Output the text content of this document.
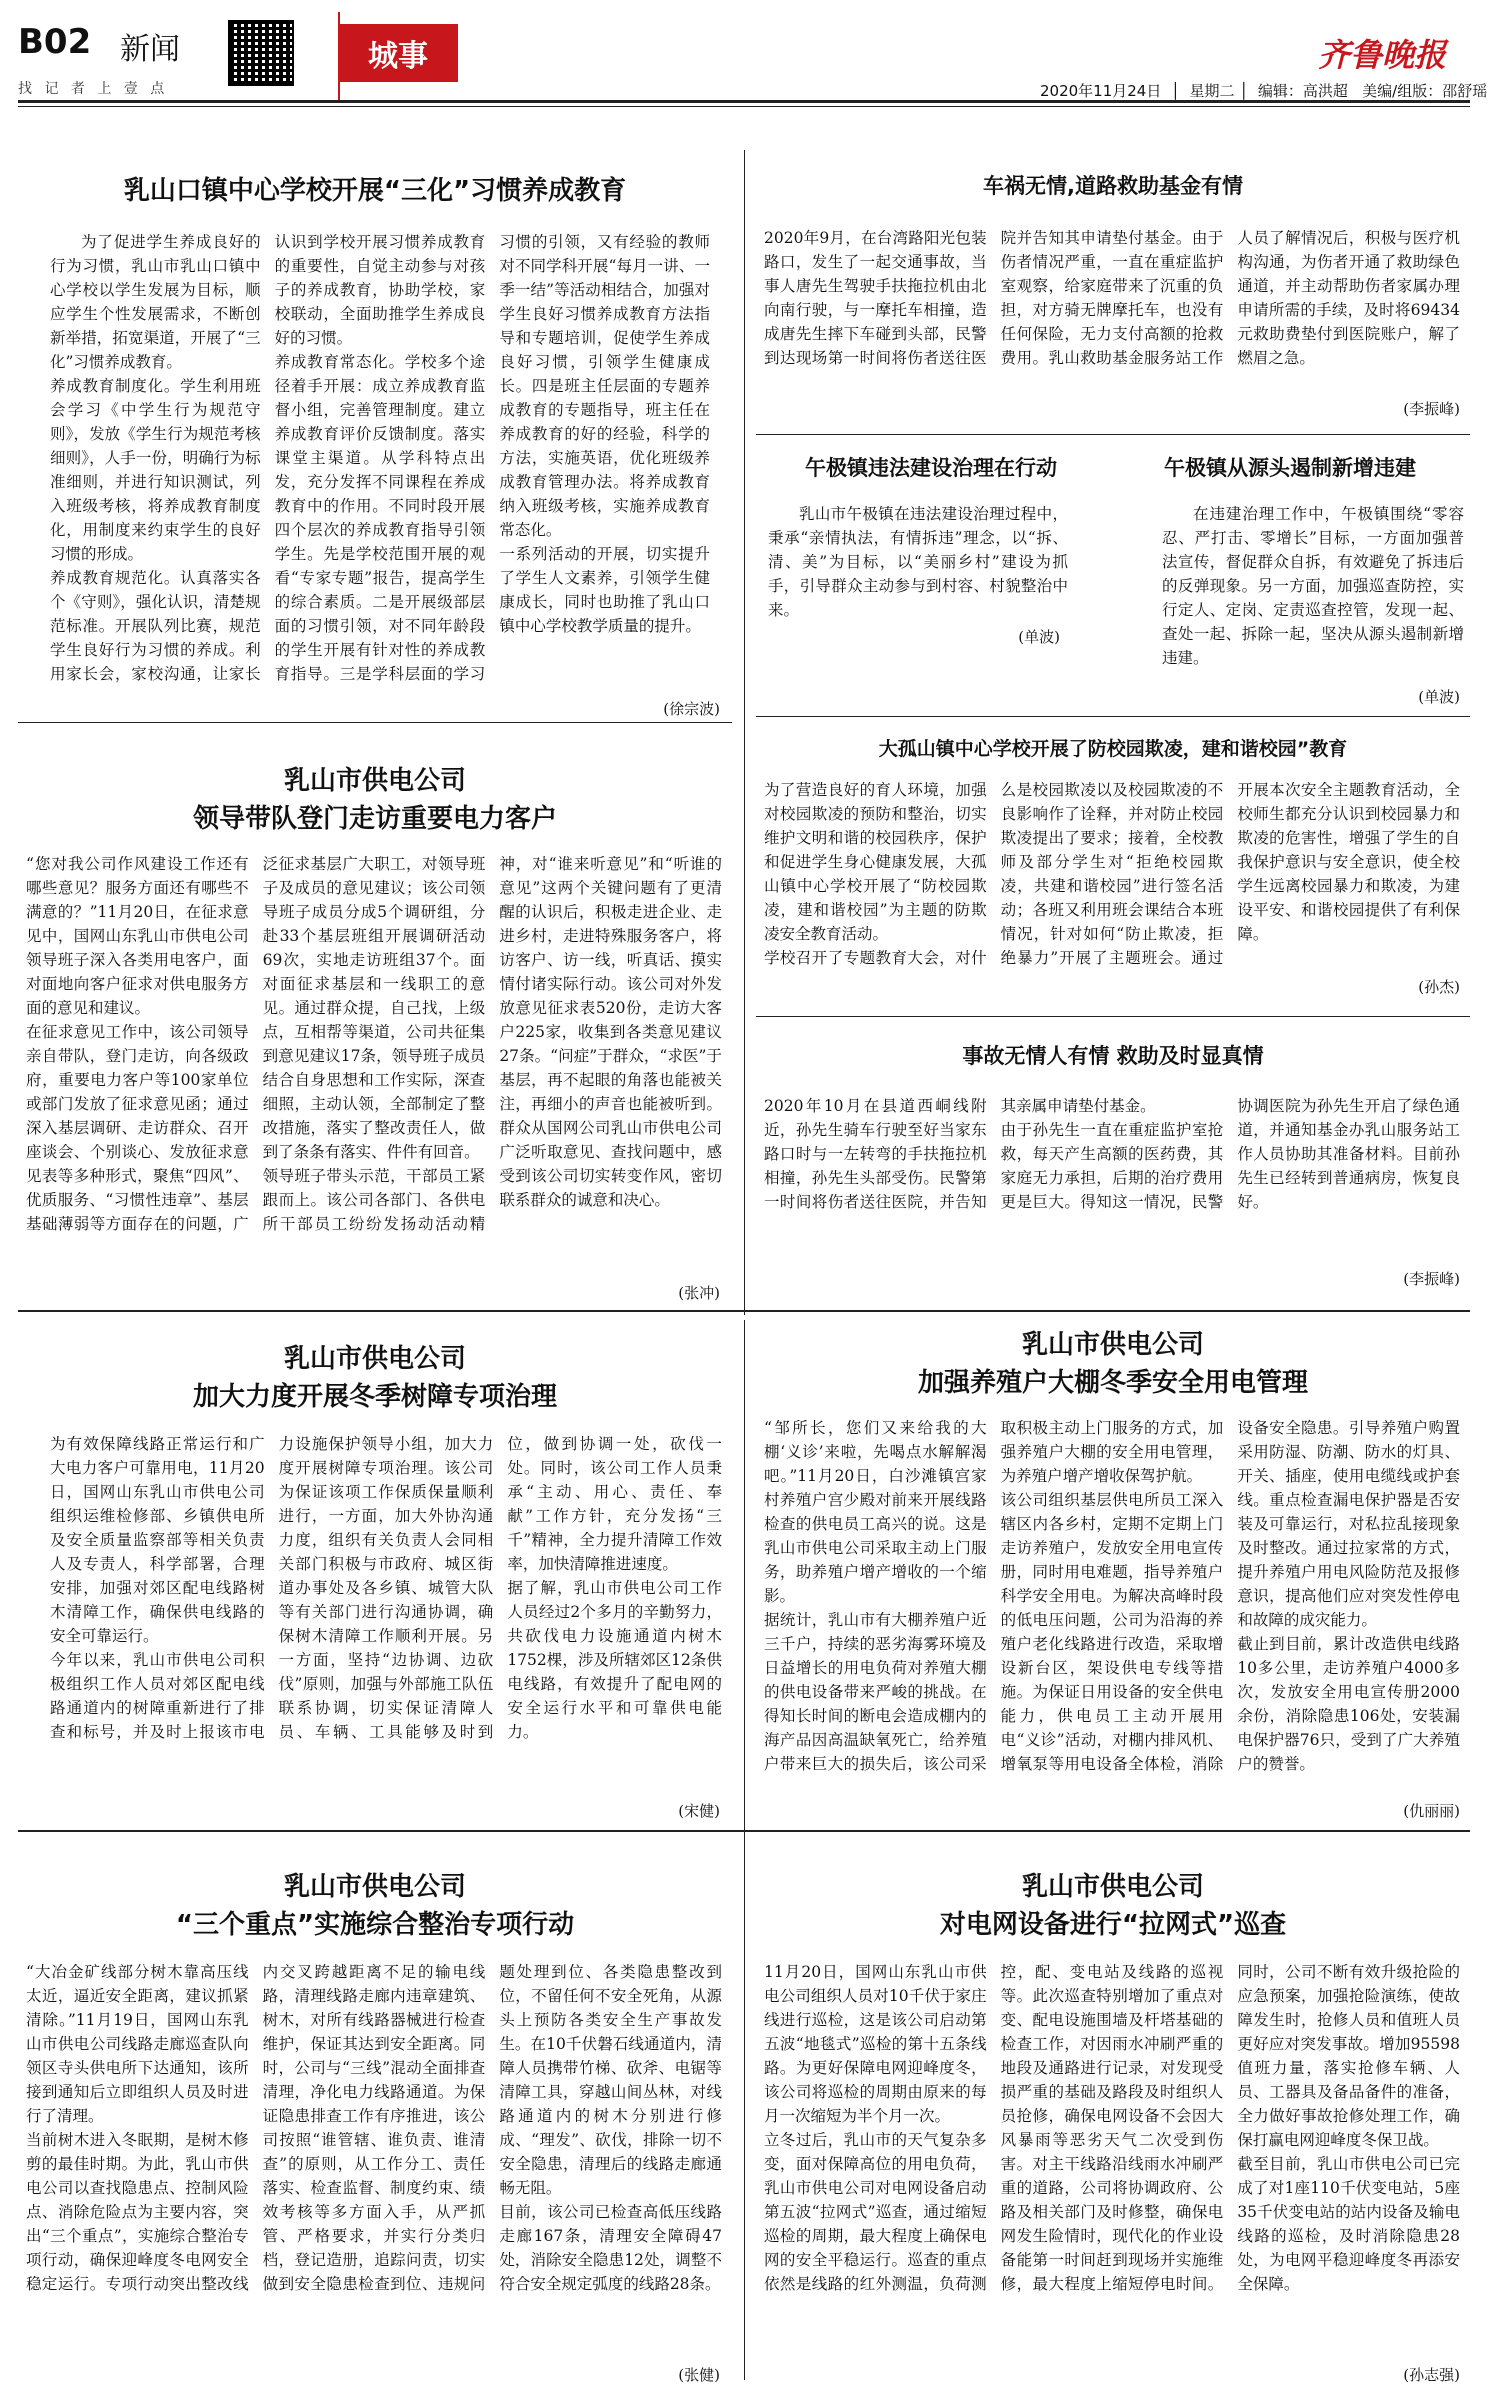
B02 新闻
找 记 者 上 壹 点
城事	齐鲁晚报
2020年11月24日  │  星期二 │  编辑：高洪超 美编/组版：邵舒瑶
乳山口镇中心学校开展“三化”习惯养成教育
为了促进学生养成良好的行为习惯，乳山市乳山口镇中心学校以学生发展为目标，顺应学生个性发展需求，不断创新举措，拓宽渠道，开展了“三化”习惯养成教育。
养成教育制度化。学生利用班会学习《中学生行为规范守则》，发放《学生行为规范考核细则》，人手一份，明确行为标准细则，并进行知识测试，列入班级考核，将养成教育制度化，用制度来约束学生的良好习惯的形成。
养成教育规范化。认真落实各个《守则》，强化认识，清楚规范标准。开展队列比赛，规范学生良好行为习惯的养成。利用家长会，家校沟通，让家长认识到学校开展习惯养成教育的重要性，自觉主动参与对孩子的养成教育，协助学校，家校联动，全面助推学生养成良好的习惯。
养成教育常态化。学校多个途径着手开展：成立养成教育监督小组，完善管理制度。建立养成教育评价反馈制度。落实课堂主渠道。从学科特点出发，充分发挥不同课程在养成教育中的作用。不同时段开展四个层次的养成教育指导引领学生。先是学校范围开展的观看“专家专题”报告，提高学生的综合素质。二是开展级部层面的习惯引领，对不同年龄段的学生开展有针对性的养成教育指导。三是学科层面的学习习惯的引领，又有经验的教师对不同学科开展“每月一讲、一季一结”等活动相结合，加强对学生良好习惯养成教育方法指导和专题培训，促使学生养成良好习惯，引领学生健康成长。四是班主任层面的专题养成教育的专题指导，班主任在养成教育的好的经验，科学的方法，实施英语，优化班级养成教育管理办法。将养成教育纳入班级考核，实施养成教育常态化。
一系列活动的开展，切实提升了学生人文素养，引领学生健康成长，同时也助推了乳山口镇中心学校教学质量的提升。
(徐宗波)
车祸无情,道路救助基金有情
2020年9月，在台湾路阳光包装路口，发生了一起交通事故，当事人唐先生驾驶手扶拖拉机由北向南行驶，与一摩托车相撞，造成唐先生摔下车碰到头部，民警到达现场第一时间将伤者送往医院并告知其申请垫付基金。由于伤者情况严重，一直在重症监护室观察，给家庭带来了沉重的负担，对方骑无牌摩托车，也没有任何保险，无力支付高额的抢救费用。乳山救助基金服务站工作人员了解情况后，积极与医疗机构沟通，为伤者开通了救助绿色通道，并主动帮助伤者家属办理申请所需的手续，及时将69434元救助费垫付到医院账户，解了燃眉之急。
(李振峰)
午极镇违法建设治理在行动
乳山市午极镇在违法建设治理过程中，秉承“亲情执法，有情拆违”理念，以“拆、清、美”为目标，以“美丽乡村”建设为抓手，引导群众主动参与到村容、村貌整治中来。
(单波)
午极镇从源头遏制新增违建
在违建治理工作中，午极镇围绕“零容忍、严打击、零增长”目标，一方面加强普法宣传，督促群众自拆，有效避免了拆违后的反弹现象。另一方面，加强巡查防控，实行定人、定岗、定责巡查控管，发现一起、查处一起、拆除一起，坚决从源头遏制新增违建。
(单波)
大孤山镇中心学校开展了防校园欺凌，建和谐校园”教育
为了营造良好的育人环境，加强对校园欺凌的预防和整治，切实维护文明和谐的校园秩序，保护和促进学生身心健康发展，大孤山镇中心学校开展了“防校园欺凌，建和谐校园”为主题的防欺凌安全教育活动。
学校召开了专题教育大会，对什么是校园欺凌以及校园欺凌的不良影响作了诠释，并对防止校园欺凌提出了要求；接着，全校教师及部分学生对“拒绝校园欺凌，共建和谐校园”进行签名活动；各班又利用班会课结合本班情况，针对如何“防止欺凌，拒绝暴力”开展了主题班会。通过开展本次安全主题教育活动，全校师生都充分认识到校园暴力和欺凌的危害性，增强了学生的自我保护意识与安全意识，使全校学生远离校园暴力和欺凌，为建设平安、和谐校园提供了有利保障。
(孙杰)
乳山市供电公司
领导带队登门走访重要电力客户
“您对我公司作风建设工作还有哪些意见？服务方面还有哪些不满意的？”11月20日，在征求意见中，国网山东乳山市供电公司领导班子深入各类用电客户，面对面地向客户征求对供电服务方面的意见和建议。
在征求意见工作中，该公司领导亲自带队，登门走访，向各级政府，重要电力客户等100家单位或部门发放了征求意见函；通过深入基层调研、走访群众、召开座谈会、个别谈心、发放征求意见表等多种形式，聚焦“四风”、优质服务、“习惯性违章”、基层基础薄弱等方面存在的问题，广泛征求基层广大职工，对领导班子及成员的意见建议；该公司领导班子成员分成5个调研组，分赴33个基层班组开展调研活动69次，实地走访班组37个。面对面征求基层和一线职工的意见。通过群众提，自己找，上级点，互相帮等渠道，公司共征集到意见建议17条，领导班子成员结合自身思想和工作实际，深查细照，主动认领，全部制定了整改措施，落实了整改责任人，做到了条条有落实、件件有回音。
领导班子带头示范，干部员工紧跟而上。该公司各部门、各供电所干部员工纷纷发扬动活动精神，对“谁来听意见”和“听谁的意见”这两个关键问题有了更清醒的认识后，积极走进企业、走进乡村，走进特殊服务客户，将访客户、访一线，听真话、摸实情付诸实际行动。该公司对外发放意见征求表520份，走访大客户225家，收集到各类意见建议27条。“问症”于群众，“求医”于基层，再不起眼的角落也能被关注，再细小的声音也能被听到。群众从国网公司乳山市供电公司广泛听取意见、查找问题中，感受到该公司切实转变作风，密切联系群众的诚意和决心。
(张冲)
事故无情人有情 救助及时显真情
2020年10月在县道西峒线附近，孙先生骑车行驶至好当家东路口时与一左转弯的手扶拖拉机相撞，孙先生头部受伤。民警第一时间将伤者送往医院，并告知其亲属申请垫付基金。
由于孙先生一直在重症监护室抢救，每天产生高额的医药费，其家庭无力承担，后期的治疗费用更是巨大。得知这一情况，民警协调医院为孙先生开启了绿色通道，并通知基金办乳山服务站工作人员协助其准备材料。目前孙先生已经转到普通病房，恢复良好。
(李振峰)
乳山市供电公司
加大力度开展冬季树障专项治理
为有效保障线路正常运行和广大电力客户可靠用电，11月20日，国网山东乳山市供电公司组织运维检修部、乡镇供电所及安全质量监察部等相关负责人及专责人，科学部署，合理安排，加强对郊区配电线路树木清障工作，确保供电线路的安全可靠运行。
今年以来，乳山市供电公司积极组织工作人员对郊区配电线路通道内的树障重新进行了排查和标号，并及时上报该市电力设施保护领导小组，加大力度开展树障专项治理。该公司为保证该项工作保质保量顺利进行，一方面，加大外协沟通力度，组织有关负责人会同相关部门积极与市政府、城区街道办事处及各乡镇、城管大队等有关部门进行沟通协调，确保树木清障工作顺利开展。另一方面，坚持“边协调、边砍伐”原则，加强与外部施工队伍联系协调，切实保证清障人员、车辆、工具能够及时到位，做到协调一处，砍伐一处。同时，该公司工作人员秉承“主动、用心、责任、奉献”工作方针，充分发扬“三千”精神，全力提升清障工作效率，加快清障推进速度。
据了解，乳山市供电公司工作人员经过2个多月的辛勤努力，共砍伐电力设施通道内树木1752棵，涉及所辖郊区12条供电线路，有效提升了配电网的安全运行水平和可靠供电能力。
(宋健)
乳山市供电公司
加强养殖户大棚冬季安全用电管理
“邹所长，您们又来给我的大棚‘义诊’来啦，先喝点水解解渴吧。”11月20日，白沙滩镇宫家村养殖户宫少殿对前来开展线路检查的供电员工高兴的说。这是乳山市供电公司采取主动上门服务，助养殖户增产增收的一个缩影。
据统计，乳山市有大棚养殖户近三千户，持续的恶劣海雾环境及日益增长的用电负荷对养殖大棚的供电设备带来严峻的挑战。在得知长时间的断电会造成棚内的海产品因高温缺氧死亡，给养殖户带来巨大的损失后，该公司采取积极主动上门服务的方式，加强养殖户大棚的安全用电管理，为养殖户增产增收保驾护航。
该公司组织基层供电所员工深入辖区内各乡村，定期不定期上门走访养殖户，发放安全用电宣传册，同时用电难题，指导养殖户科学安全用电。为解决高峰时段的低电压问题，公司为沿海的养殖户老化线路进行改造，采取增设新台区，架设供电专线等措施。为保证日用设备的安全供电能力，供电员工主动开展用电“义诊”活动，对棚内排风机、增氧泵等用电设备全体检，消除设备安全隐患。引导养殖户购置采用防湿、防潮、防水的灯具、开关、插座，使用电缆线或护套线。重点检查漏电保护器是否安装及可靠运行，对私拉乱接现象及时整改。通过拉家常的方式，提升养殖户用电风险防范及报修意识，提高他们应对突发性停电和故障的成灾能力。
截止到目前，累计改造供电线路10多公里，走访养殖户4000多次，发放安全用电宣传册2000余份，消除隐患106处，安装漏电保护器76只，受到了广大养殖户的赞誉。
(仇丽丽)
乳山市供电公司
“三个重点”实施综合整治专项行动
“大冶金矿线部分树木靠高压线太近，逼近安全距离，建议抓紧清除。”11月19日，国网山东乳山市供电公司线路走廊巡查队向领区寺头供电所下达通知，该所接到通知后立即组织人员及时进行了清理。
当前树木进入冬眠期，是树木修剪的最佳时期。为此，乳山市供电公司以查找隐患点、控制风险点、消除危险点为主要内容，突出“三个重点”，实施综合整治专项行动，确保迎峰度冬电网安全稳定运行。专项行动突出整改线内交叉跨越距离不足的输电线路，清理线路走廊内违章建筑、树木，对所有线路器械进行检查维护，保证其达到安全距离。同时，公司与“三线”混动全面排查清理，净化电力线路通道。为保证隐患排查工作有序推进，该公司按照“谁管辖、谁负责、谁清查”的原则，从工作分工、责任落实、检查监督、制度约束、绩效考核等多方面入手，从严抓管、严格要求，并实行分类归档，登记造册，追踪问责，切实做到安全隐患检查到位、违规问题处理到位、各类隐患整改到位，不留任何不安全死角，从源头上预防各类安全生产事故发生。在10千伏磐石线通道内，清障人员携带竹梯、砍斧、电锯等清障工具，穿越山间丛林，对线路通道内的树木分别进行修成、“理发”、砍伐，排除一切不安全隐患，清理后的线路走廊通畅无阻。
目前，该公司已检查高低压线路走廊167条，清理安全障碍47处，消除安全隐患12处，调整不符合安全规定弧度的线路28条。
(张健)
乳山市供电公司
对电网设备进行“拉网式”巡查
11月20日，国网山东乳山市供电公司组织人员对10千伏于家庄线进行巡检，这是该公司启动第五波“地毯式”巡检的第十五条线路。为更好保障电网迎峰度冬，该公司将巡检的周期由原来的每月一次缩短为半个月一次。
立冬过后，乳山市的天气复杂多变，面对保障高位的用电负荷，乳山市供电公司对电网设备启动第五波“拉网式”巡查，通过缩短巡检的周期，最大程度上确保电网的安全平稳运行。巡查的重点依然是线路的红外测温，负荷测控，配、变电站及线路的巡视等。此次巡查特别增加了重点对变、配电设施围墙及杆塔基础的检查工作，对因雨水冲刷严重的地段及通路进行记录，对发现受损严重的基础及路段及时组织人员抢修，确保电网设备不会因大风暴雨等恶劣天气二次受到伤害。对主干线路沿线雨水冲刷严重的道路，公司将协调政府、公路及相关部门及时修整，确保电网发生险情时，现代化的作业设备能第一时间赶到现场并实施维修，最大程度上缩短停电时间。同时，公司不断有效升级抢险的应急预案，加强抢险演练，使故障发生时，抢修人员和值班人员更好应对突发事故。增加95598值班力量，落实抢修车辆、人员、工器具及备品备件的准备，全力做好事故抢修处理工作，确保打赢电网迎峰度冬保卫战。
截至目前，乳山市供电公司已完成了对1座110千伏变电站，5座35千伏变电站的站内设备及输电线路的巡检，及时消除隐患28处，为电网平稳迎峰度冬再添安全保障。
(孙志强)
